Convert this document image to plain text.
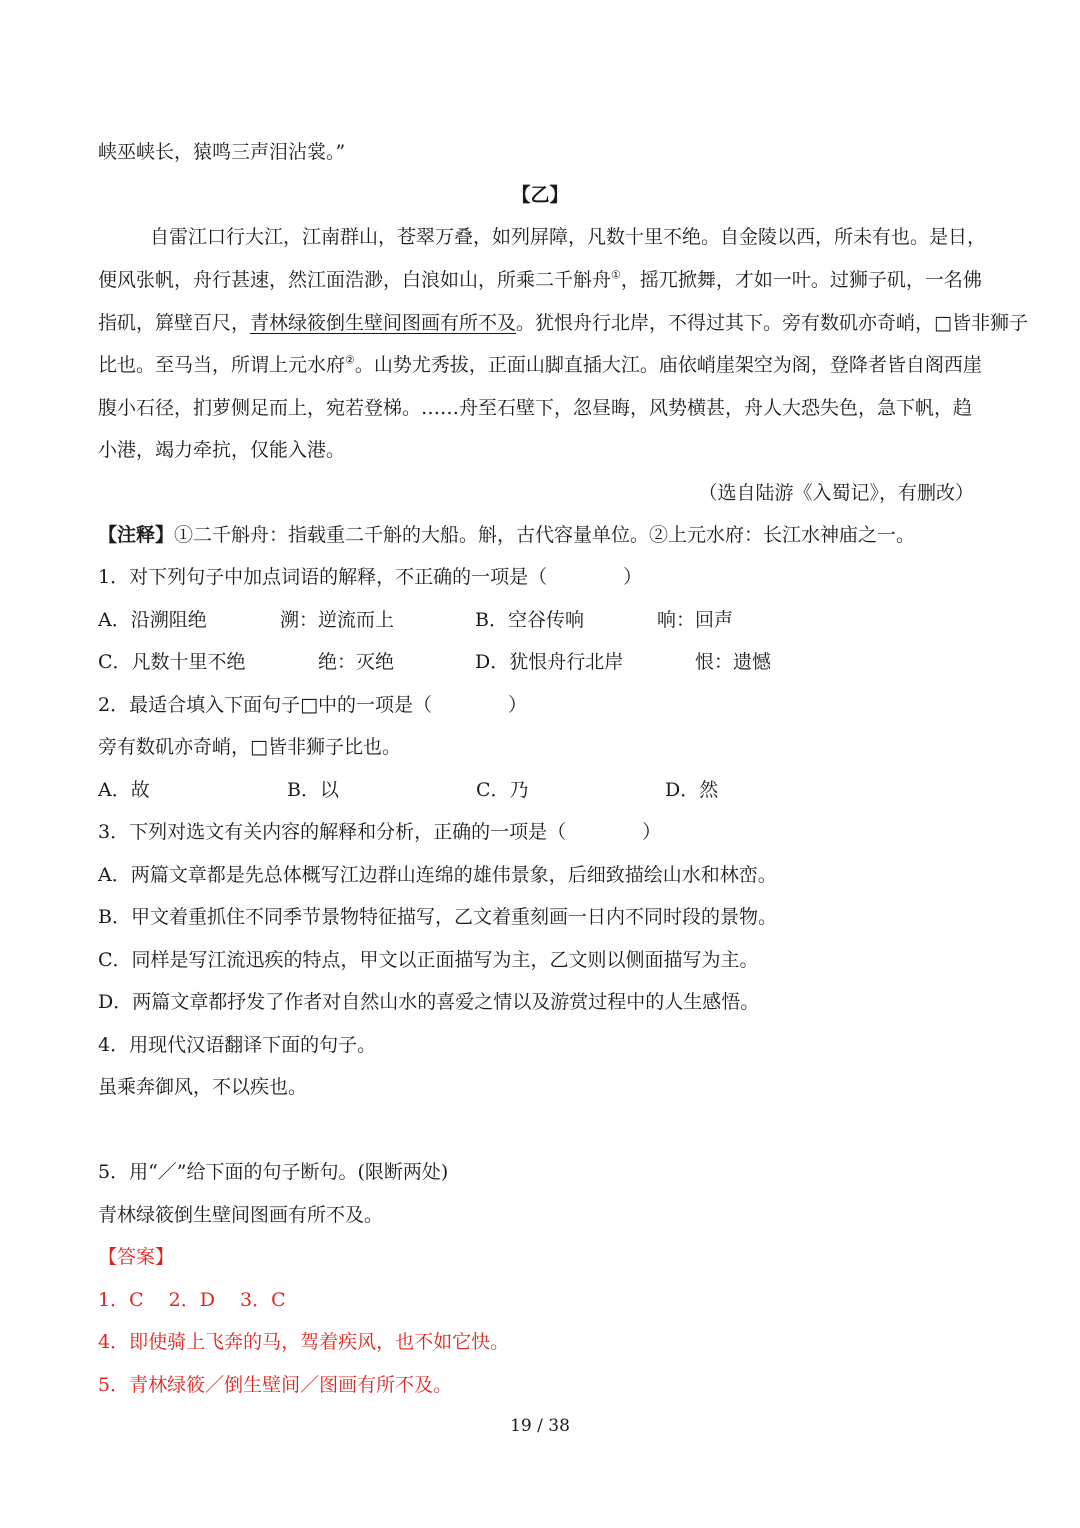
峡巫峡长，猿鸣三声泪沾裳。”
【乙】
自雷江口行大江，江南群山，苍翠万叠，如列屏障，凡数十里不绝。自金陵以西，所未有也。是日，
便风张帆，舟行甚速，然江面浩渺，白浪如山，所乘二千斛舟①，摇兀掀舞，才如一叶。过狮子矶，一名佛
指矶，簈壁百尺，青林绿筱倒生壁间图画有所不及。犹恨舟行北岸，不得过其下。旁有数矶亦奇峭，□皆非狮子
比也。至马当，所谓上元水府②。山势尤秀拔，正面山脚直插大江。庙依峭崖架空为阁，登降者皆自阁西崖
腹小石径，扪萝侧足而上，宛若登梯。……舟至石壁下，忽昼晦，风势横甚，舟人大恐失色，急下帆，趋
小港，竭力牵抗，仅能入港。
（选自陆游《入蜀记》，有删改）
【注释】①二千斛舟：指载重二千斛的大船。斛，古代容量单位。②上元水府：长江水神庙之一。
1．对下列句子中加点词语的解释，不正确的一项是（　　　　）
A．沿溯阻绝	溯：逆流而上	B．空谷传响	响：回声
C．凡数十里不绝	绝：灭绝	D．犹恨舟行北岸	恨：遗憾
2．最适合填入下面句子□中的一项是（　　　　）
旁有数矶亦奇峭，□皆非狮子比也。
A．故	B．以	C．乃	D．然
3．下列对选文有关内容的解释和分析，正确的一项是（　　　　）
A．两篇文章都是先总体概写江边群山连绵的雄伟景象，后细致描绘山水和林峦。
B．甲文着重抓住不同季节景物特征描写，乙文着重刻画一日内不同时段的景物。
C．同样是写江流迅疾的特点，甲文以正面描写为主，乙文则以侧面描写为主。
D．两篇文章都抒发了作者对自然山水的喜爱之情以及游赏过程中的人生感悟。
4．用现代汉语翻译下面的句子。
虽乘奔御风，不以疾也。
5．用“／”给下面的句子断句。(限断两处)
青林绿筱倒生壁间图画有所不及。
【答案】
1．C　 2．D　 3．C
4．即使骑上飞奔的马，驾着疾风，也不如它快。
5．青林绿筱／倒生壁间／图画有所不及。
19 / 38
